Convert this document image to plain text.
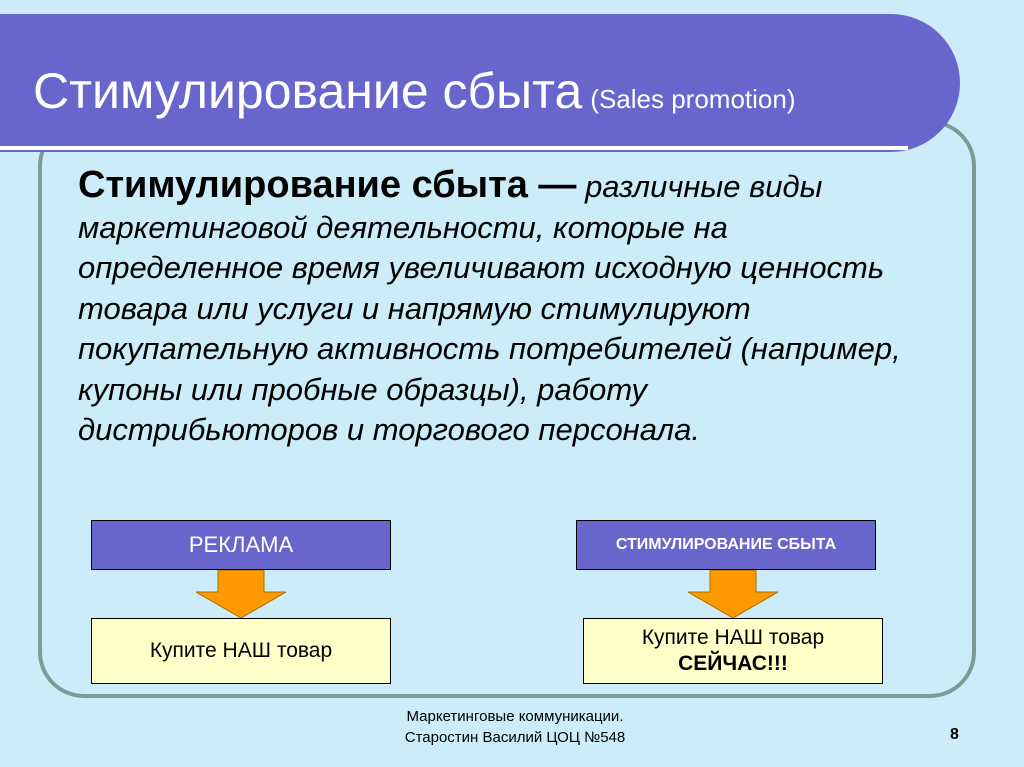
Стимулирование сбыта (Sales promotion)

Стимулирование сбыта — различные виды маркетинговой деятельности, которые на определенное время увеличивают исходную ценность товара или услуги и напрямую стимулируют покупательную активность потребителей (например, купоны или пробные образцы), работу дистрибьюторов и торгового персонала.

РЕКЛАМА
Купите НАШ товар
СТИМУЛИРОВАНИЕ СБЫТА
Купите НАШ товар
СЕЙЧАС!!!
Маркетинговые коммуникации.
Старостин Василий ЦОЦ №548	8
